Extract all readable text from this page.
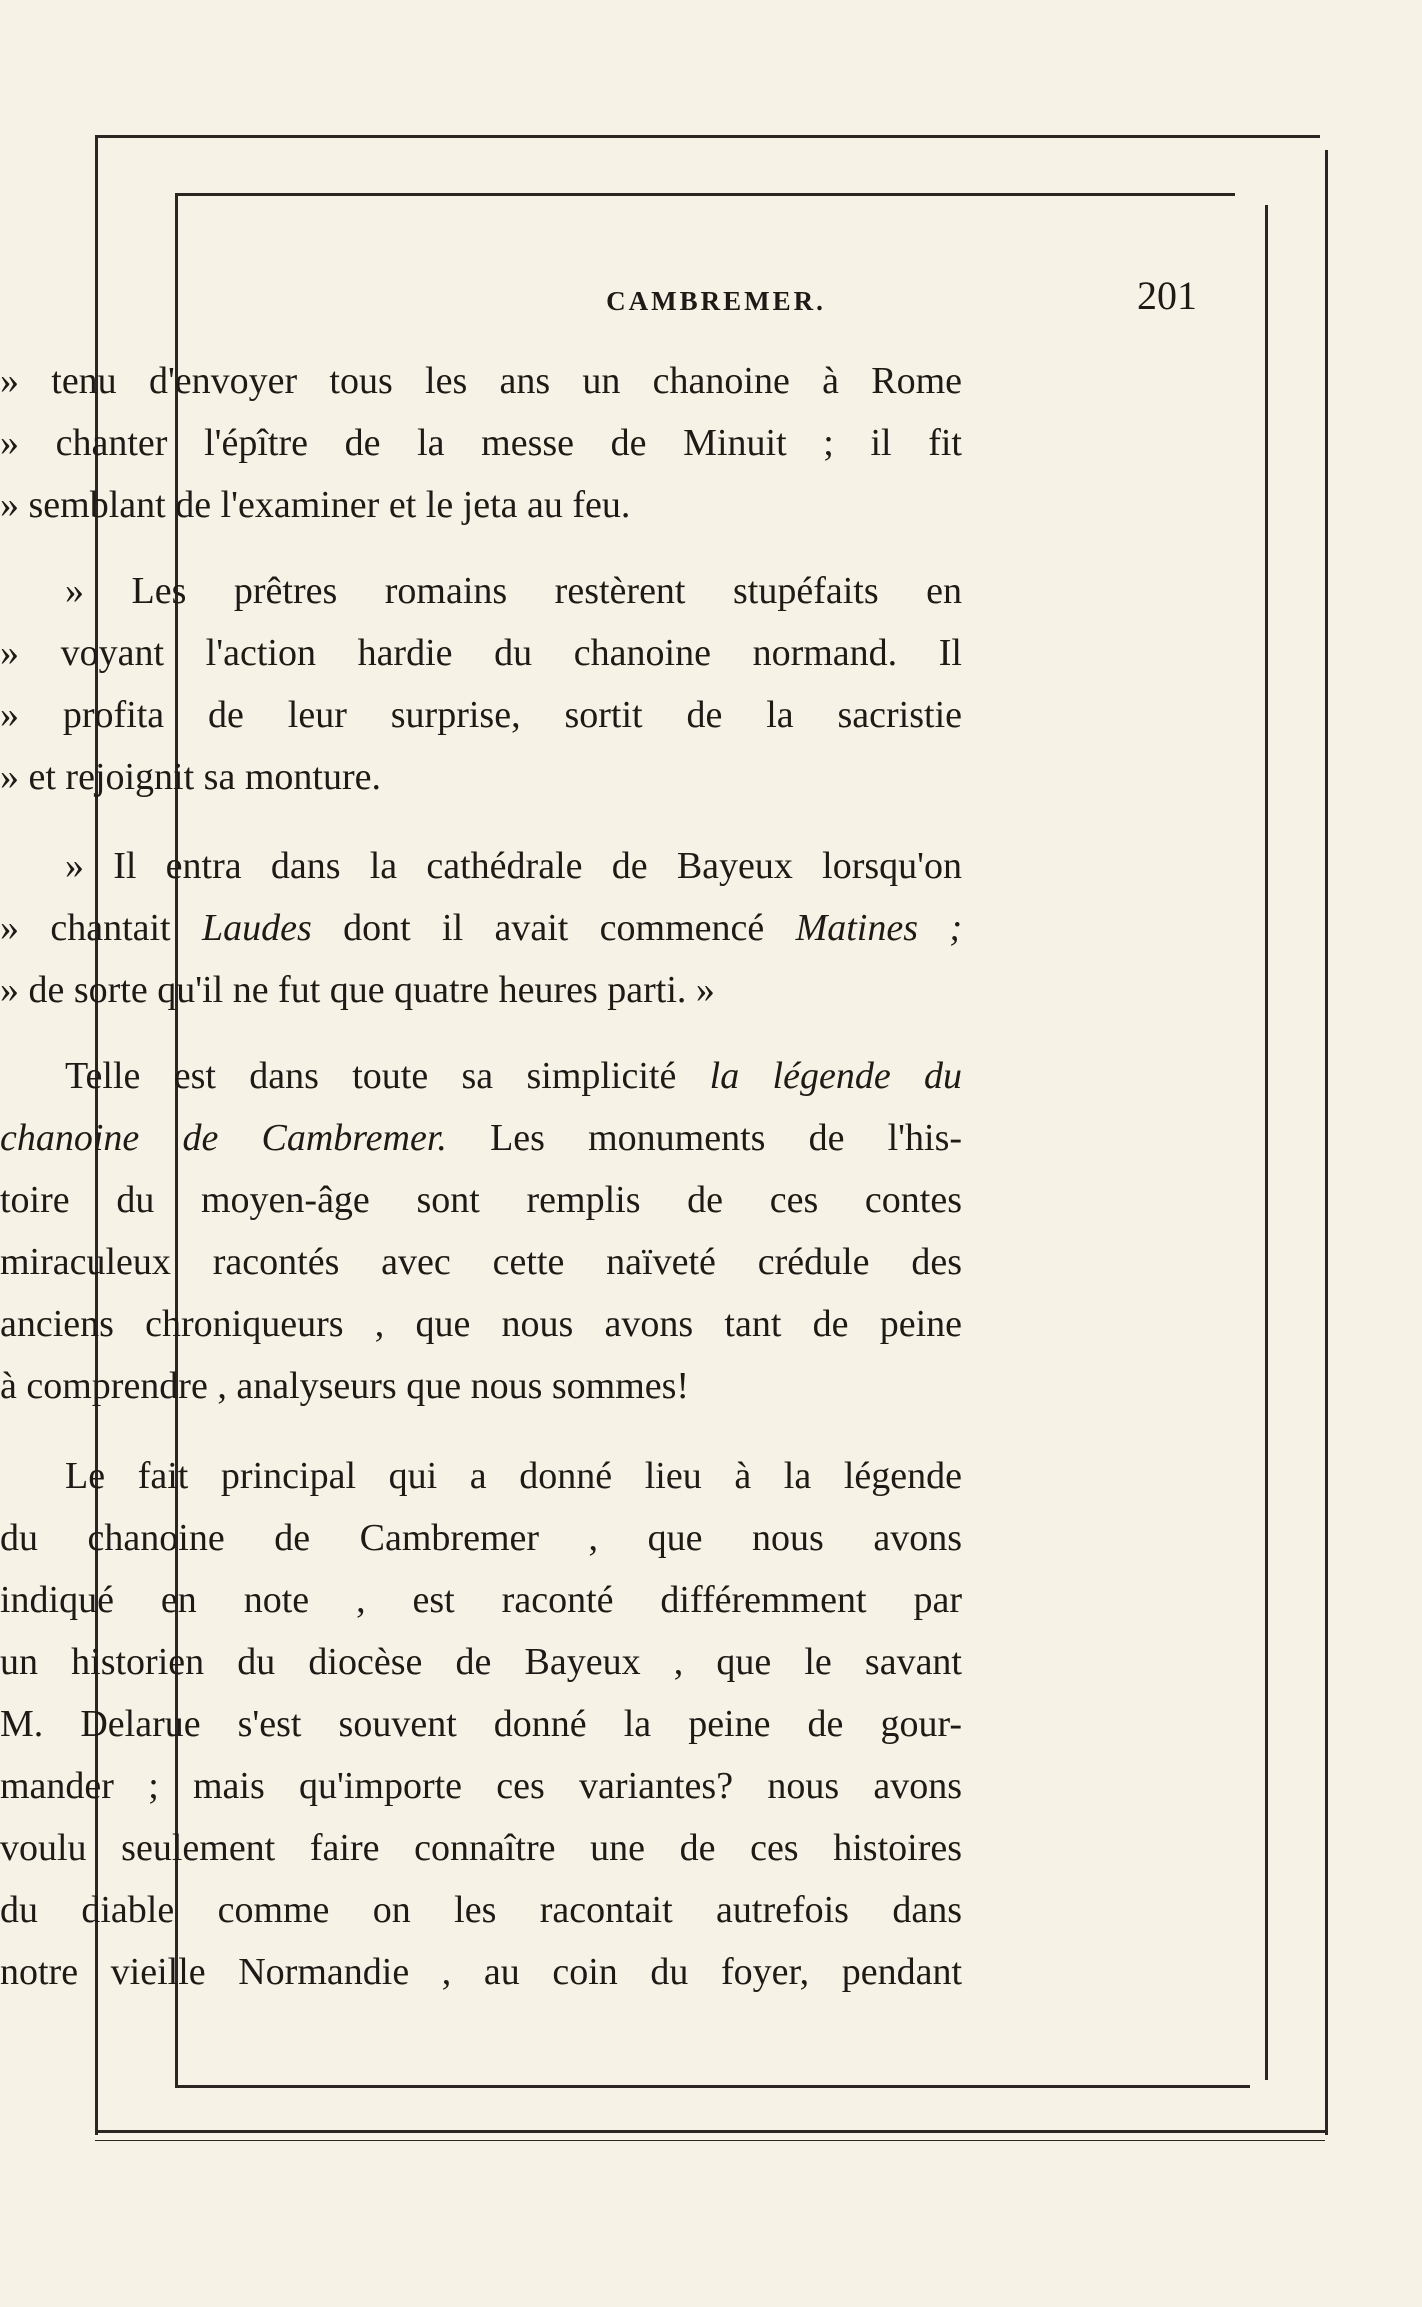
CAMBREMER.	201
» tenu d'envoyer tous les ans un chanoine à Rome
» chanter l'épître de la messe de Minuit ; il fit
» semblant de l'examiner et le jeta au feu.
» Les prêtres romains restèrent stupéfaits en
» voyant l'action hardie du chanoine normand. Il
» profita de leur surprise, sortit de la sacristie
» et rejoignit sa monture.
» Il entra dans la cathédrale de Bayeux lorsqu'on
» chantait Laudes dont il avait commencé Matines ;
» de sorte qu'il ne fut que quatre heures parti. »
Telle est dans toute sa simplicité la légende du
chanoine de Cambremer. Les monuments de l'his-
toire du moyen-âge sont remplis de ces contes
miraculeux racontés avec cette naïveté crédule des
anciens chroniqueurs , que nous avons tant de peine
à comprendre , analyseurs que nous sommes!
Le fait principal qui a donné lieu à la légende
du chanoine de Cambremer , que nous avons
indiqué en note , est raconté différemment par
un historien du diocèse de Bayeux , que le savant
M. Delarue s'est souvent donné la peine de gour-
mander ; mais qu'importe ces variantes? nous avons
voulu seulement faire connaître une de ces histoires
du diable comme on les racontait autrefois dans
notre vieille Normandie , au coin du foyer, pendant
